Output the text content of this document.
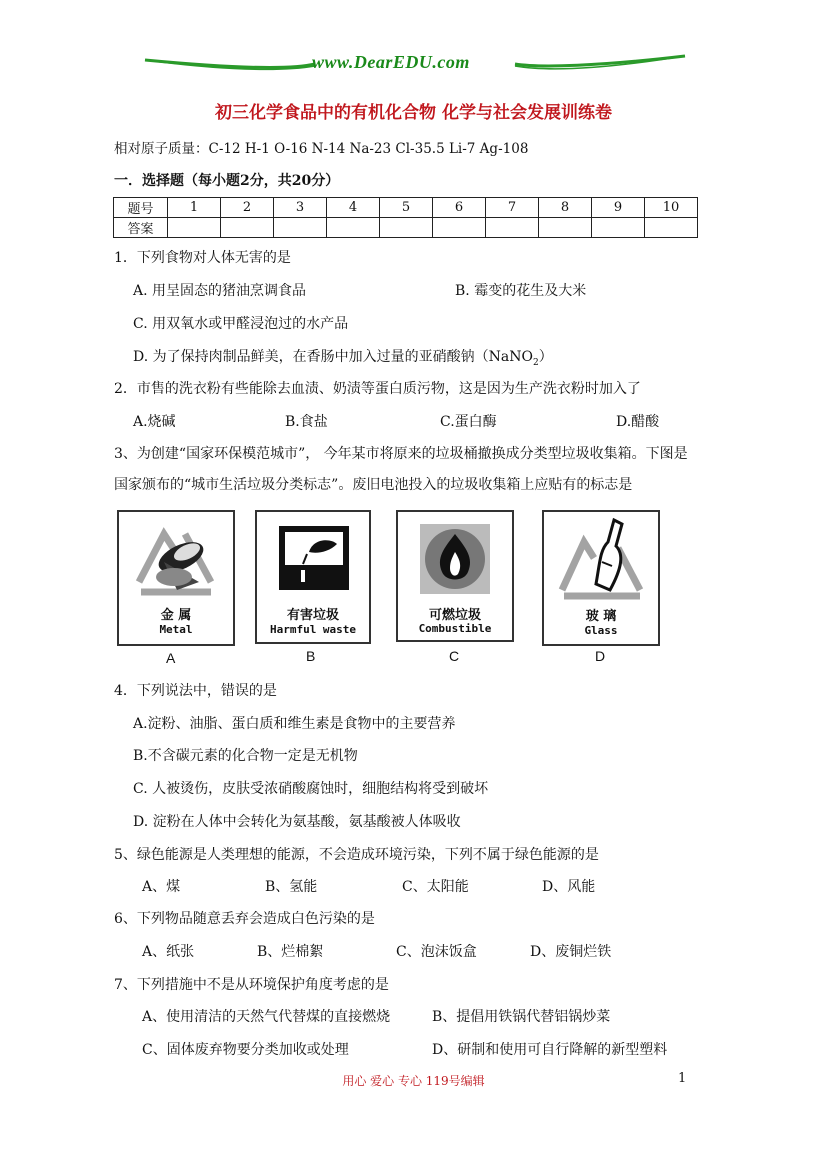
www.DearEDU.com
初三化学食品中的有机化合物 化学与社会发展训练卷
相对原子质量：C-12 H-1 O-16 N-14 Na-23 Cl-35.5 Li-7 Ag-108
一．选择题（每小题2分，共20分）
题号	1	2	3	4	5	6	7	8	9	10
答案										
1．下列食物对人体无害的是
A. 用呈固态的猪油烹调食品	B. 霉变的花生及大米
C. 用双氧水或甲醛浸泡过的水产品
D. 为了保持肉制品鲜美，在香肠中加入过量的亚硝酸钠（NaNO$_2$）
2．市售的洗衣粉有些能除去血渍、奶渍等蛋白质污物，这是因为生产洗衣粉时加入了
A.烧碱	B.食盐	C.蛋白酶	D.醋酸
3、为创建“国家环保模范城市”， 今年某市将原来的垃圾桶撤换成分类型垃圾收集箱。下图是
国家颁布的“城市生活垃圾分类标志”。废旧电池投入的垃圾收集箱上应贴有的标志是
金 属
Metal
A
有害垃圾
Harmful waste
B
可燃垃圾
Combustible
C
玻 璃
Glass
D
4．下列说法中，错误的是
A.淀粉、油脂、蛋白质和维生素是食物中的主要营养
B.不含碳元素的化合物一定是无机物
C. 人被烫伤，皮肤受浓硝酸腐蚀时，细胞结构将受到破坏
D. 淀粉在人体中会转化为氨基酸，氨基酸被人体吸收
5、绿色能源是人类理想的能源，不会造成环境污染，下列不属于绿色能源的是
A、煤	B、氢能	C、太阳能	D、风能
6、下列物品随意丢弃会造成白色污染的是
A、纸张	B、烂棉絮	C、泡沫饭盒	D、废铜烂铁
7、下列措施中不是从环境保护角度考虑的是
A、使用清洁的天然气代替煤的直接燃烧	B、提倡用铁锅代替铝锅炒菜
C、固体废弃物要分类加收或处理	D、研制和使用可自行降解的新型塑料
用心 爱心 专心 119号编辑	1
